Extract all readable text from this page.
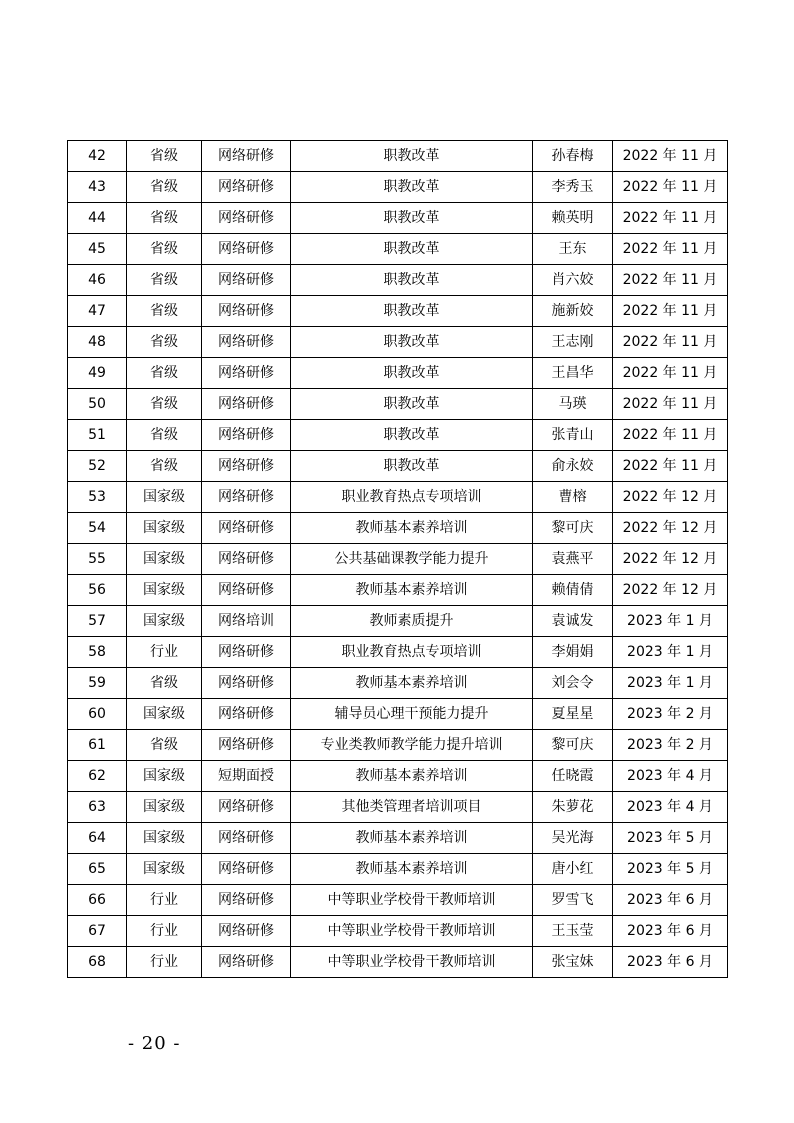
42	省级	网络研修	职教改革	孙春梅	2022 年 11 月
43	省级	网络研修	职教改革	李秀玉	2022 年 11 月
44	省级	网络研修	职教改革	赖英明	2022 年 11 月
45	省级	网络研修	职教改革	王东	2022 年 11 月
46	省级	网络研修	职教改革	肖六姣	2022 年 11 月
47	省级	网络研修	职教改革	施新姣	2022 年 11 月
48	省级	网络研修	职教改革	王志刚	2022 年 11 月
49	省级	网络研修	职教改革	王昌华	2022 年 11 月
50	省级	网络研修	职教改革	马瑛	2022 年 11 月
51	省级	网络研修	职教改革	张青山	2022 年 11 月
52	省级	网络研修	职教改革	俞永姣	2022 年 11 月
53	国家级	网络研修	职业教育热点专项培训	曹榕	2022 年 12 月
54	国家级	网络研修	教师基本素养培训	黎可庆	2022 年 12 月
55	国家级	网络研修	公共基础课教学能力提升	袁燕平	2022 年 12 月
56	国家级	网络研修	教师基本素养培训	赖倩倩	2022 年 12 月
57	国家级	网络培训	教师素质提升	袁诚发	2023 年 1 月
58	行业	网络研修	职业教育热点专项培训	李娟娟	2023 年 1 月
59	省级	网络研修	教师基本素养培训	刘会令	2023 年 1 月
60	国家级	网络研修	辅导员心理干预能力提升	夏星星	2023 年 2 月
61	省级	网络研修	专业类教师教学能力提升培训	黎可庆	2023 年 2 月
62	国家级	短期面授	教师基本素养培训	任晓霞	2023 年 4 月
63	国家级	网络研修	其他类管理者培训项目	朱萝花	2023 年 4 月
64	国家级	网络研修	教师基本素养培训	吴光海	2023 年 5 月
65	国家级	网络研修	教师基本素养培训	唐小红	2023 年 5 月
66	行业	网络研修	中等职业学校骨干教师培训	罗雪飞	2023 年 6 月
67	行业	网络研修	中等职业学校骨干教师培训	王玉莹	2023 年 6 月
68	行业	网络研修	中等职业学校骨干教师培训	张宝妹	2023 年 6 月
- 20 -
